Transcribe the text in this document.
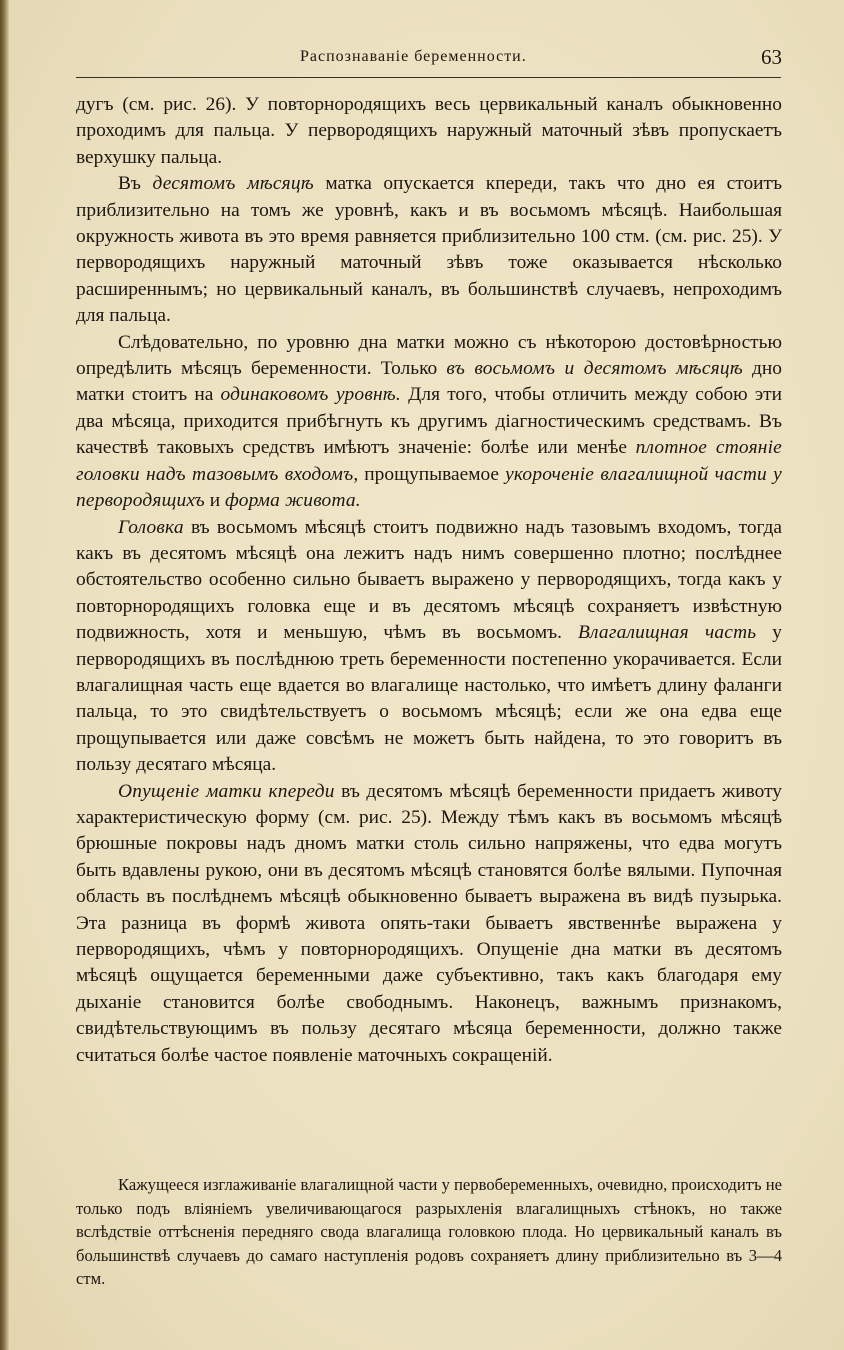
Распознаванiе беременности.	63

дугъ (см. рис. 26). У повторнородящихъ весь цервикальный каналъ обыкновенно проходимъ для пальца. У первородящихъ наружный маточный зѣвъ пропускаетъ верхушку пальца.

Въ десятомъ мѣсяцѣ матка опускается кпереди, такъ что дно ея стоитъ приблизительно на томъ же уровнѣ, какъ и въ восьмомъ мѣсяцѣ. Наибольшая окружность живота въ это время равняется приблизительно 100 стм. (см. рис. 25). У первородящихъ наружный маточный зѣвъ тоже оказывается нѣсколько расширеннымъ; но цервикальный каналъ, въ большинствѣ случаевъ, непроходимъ для пальца.

Слѣдовательно, по уровню дна матки можно съ нѣкоторою достовѣрностью опредѣлить мѣсяцъ беременности. Только въ восьмомъ и десятомъ мѣсяцѣ дно матки стоитъ на одинаковомъ уровнѣ. Для того, чтобы отличить между собою эти два мѣсяца, приходится прибѣгнуть къ другимъ дiагностическимъ средствамъ. Въ качествѣ таковыхъ средствъ имѣютъ значенiе: болѣе или менѣе плотное стоянiе головки надъ тазовымъ входомъ, прощупываемое укороченiе влагалищной части у первородящихъ и форма живота.

Головка въ восьмомъ мѣсяцѣ стоитъ подвижно надъ тазовымъ входомъ, тогда какъ въ десятомъ мѣсяцѣ она лежитъ надъ нимъ совершенно плотно; послѣднее обстоятельство особенно сильно бываетъ выражено у первородящихъ, тогда какъ у повторнородящихъ головка еще и въ десятомъ мѣсяцѣ сохраняетъ извѣстную подвижность, хотя и меньшую, чѣмъ въ восьмомъ. Влагалищная часть у первородящихъ въ послѣднюю треть беременности постепенно укорачивается. Если влагалищная часть еще вдается во влагалище настолько, что имѣетъ длину фаланги пальца, то это свидѣтельствуетъ о восьмомъ мѣсяцѣ; если же она едва еще прощупывается или даже совсѣмъ не можетъ быть найдена, то это говоритъ въ пользу десятаго мѣсяца.

Опущенiе матки кпереди въ десятомъ мѣсяцѣ беременности придаетъ животу характеристическую форму (см. рис. 25). Между тѣмъ какъ въ восьмомъ мѣсяцѣ брюшные покровы надъ дномъ матки столь сильно напряжены, что едва могутъ быть вдавлены рукою, они въ десятомъ мѣсяцѣ становятся болѣе вялыми. Пупочная область въ послѣднемъ мѣсяцѣ обыкновенно бываетъ выражена въ видѣ пузырька. Эта разница въ формѣ живота опять-таки бываетъ явственнѣе выражена у первородящихъ, чѣмъ у повторнородящихъ. Опущенiе дна матки въ десятомъ мѣсяцѣ ощущается беременными даже субъективно, такъ какъ благодаря ему дыханiе становится болѣе свободнымъ. Наконецъ, важнымъ признакомъ, свидѣтельствующимъ въ пользу десятаго мѣсяца беременности, должно также считаться болѣе частое появленiе маточныхъ сокращенiй.

Кажущееся изглаживанiе влагалищной части у первобеременныхъ, очевидно, происходитъ не только подъ влiянiемъ увеличивающагося разрыхленiя влагалищныхъ стѣнокъ, но также вслѣдствiе оттѣсненiя передняго свода влагалища головкою плода. Но цервикальный каналъ въ большинствѣ случаевъ до самаго наступленiя родовъ сохраняетъ длину приблизительно въ 3—4 стм.
